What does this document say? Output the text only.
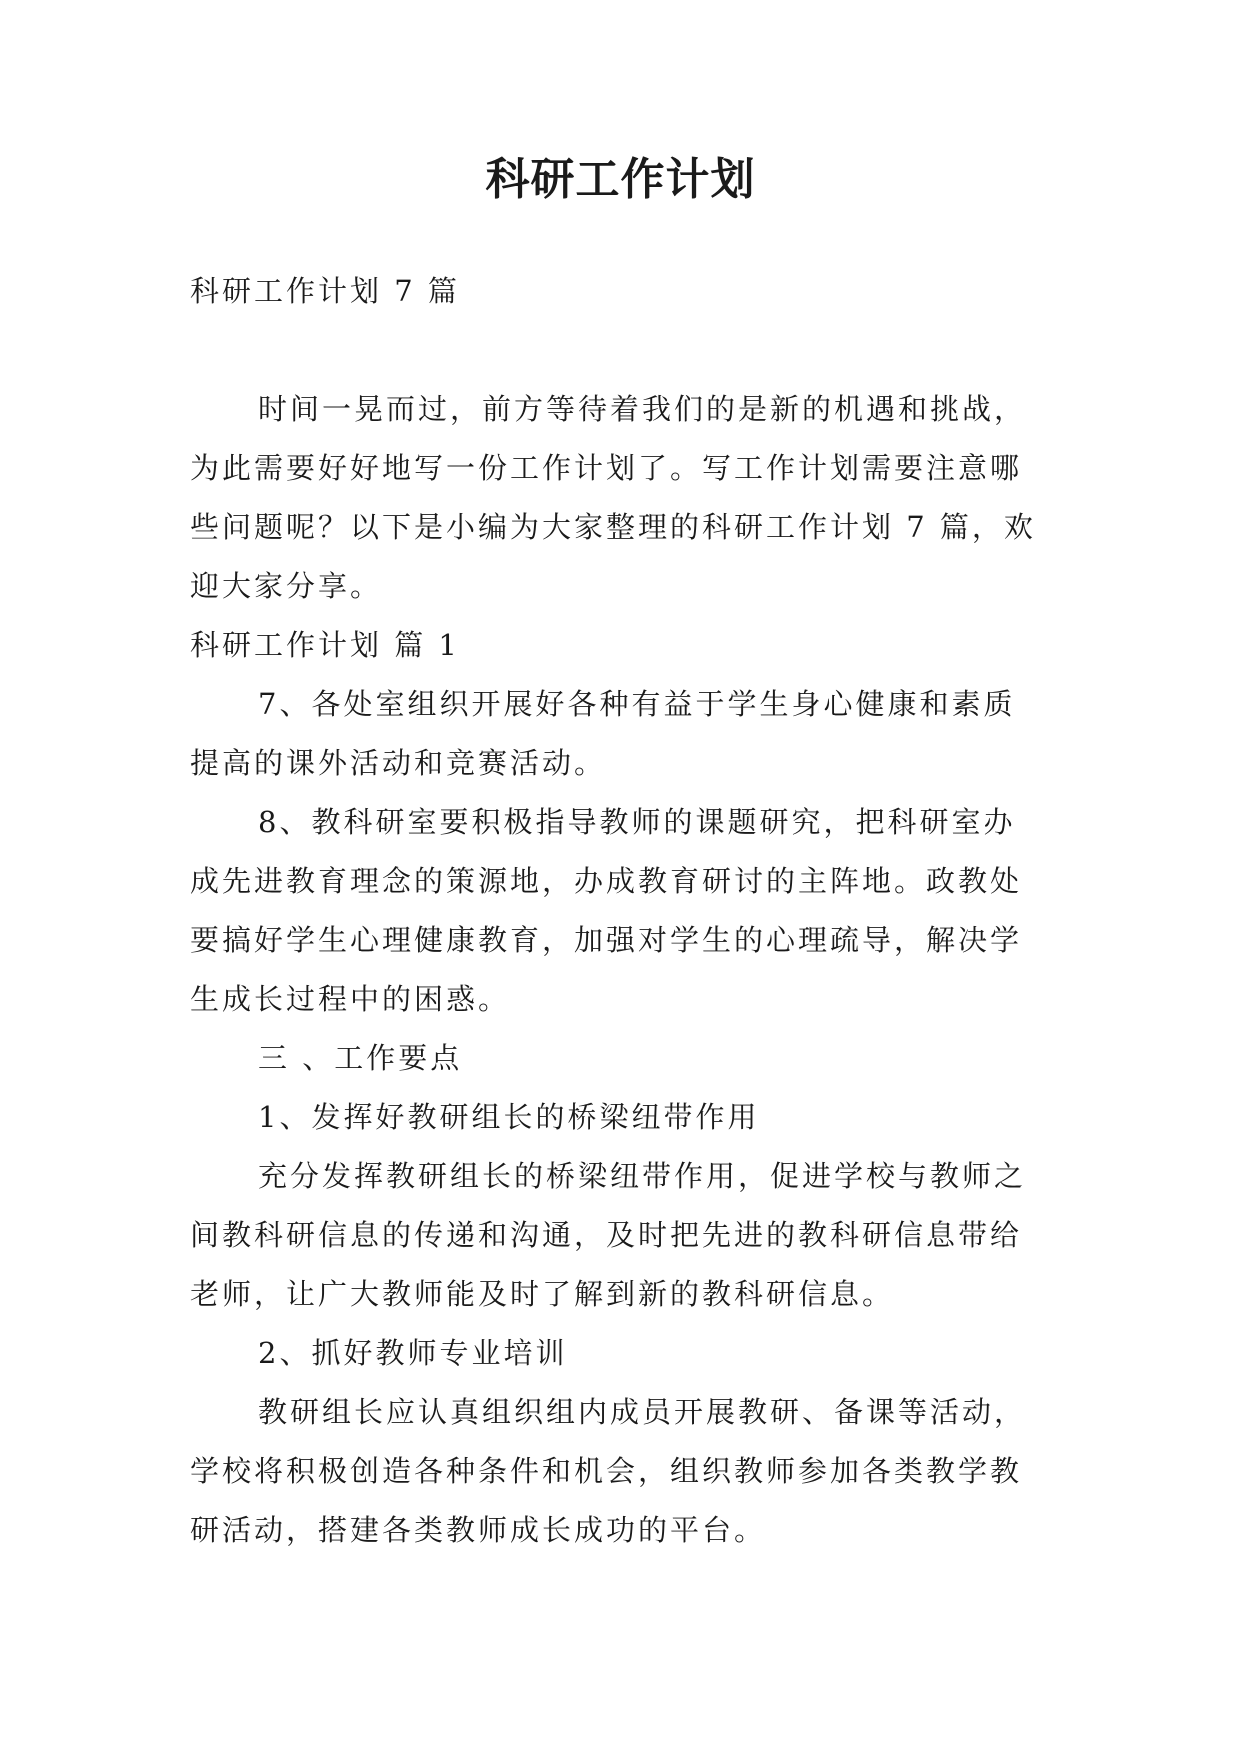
科研工作计划
科研工作计划 7 篇
时间一晃而过，前方等待着我们的是新的机遇和挑战，
为此需要好好地写一份工作计划了。写工作计划需要注意哪
些问题呢？以下是小编为大家整理的科研工作计划 7 篇，欢
迎大家分享。
科研工作计划 篇 1
7、各处室组织开展好各种有益于学生身心健康和素质
提高的课外活动和竞赛活动。
8、教科研室要积极指导教师的课题研究，把科研室办
成先进教育理念的策源地，办成教育研讨的主阵地。政教处
要搞好学生心理健康教育，加强对学生的心理疏导，解决学
生成长过程中的困惑。
三 、工作要点
1、发挥好教研组长的桥梁纽带作用
充分发挥教研组长的桥梁纽带作用，促进学校与教师之
间教科研信息的传递和沟通，及时把先进的教科研信息带给
老师，让广大教师能及时了解到新的教科研信息。
2、抓好教师专业培训
教研组长应认真组织组内成员开展教研、备课等活动，
学校将积极创造各种条件和机会，组织教师参加各类教学教
研活动，搭建各类教师成长成功的平台。
